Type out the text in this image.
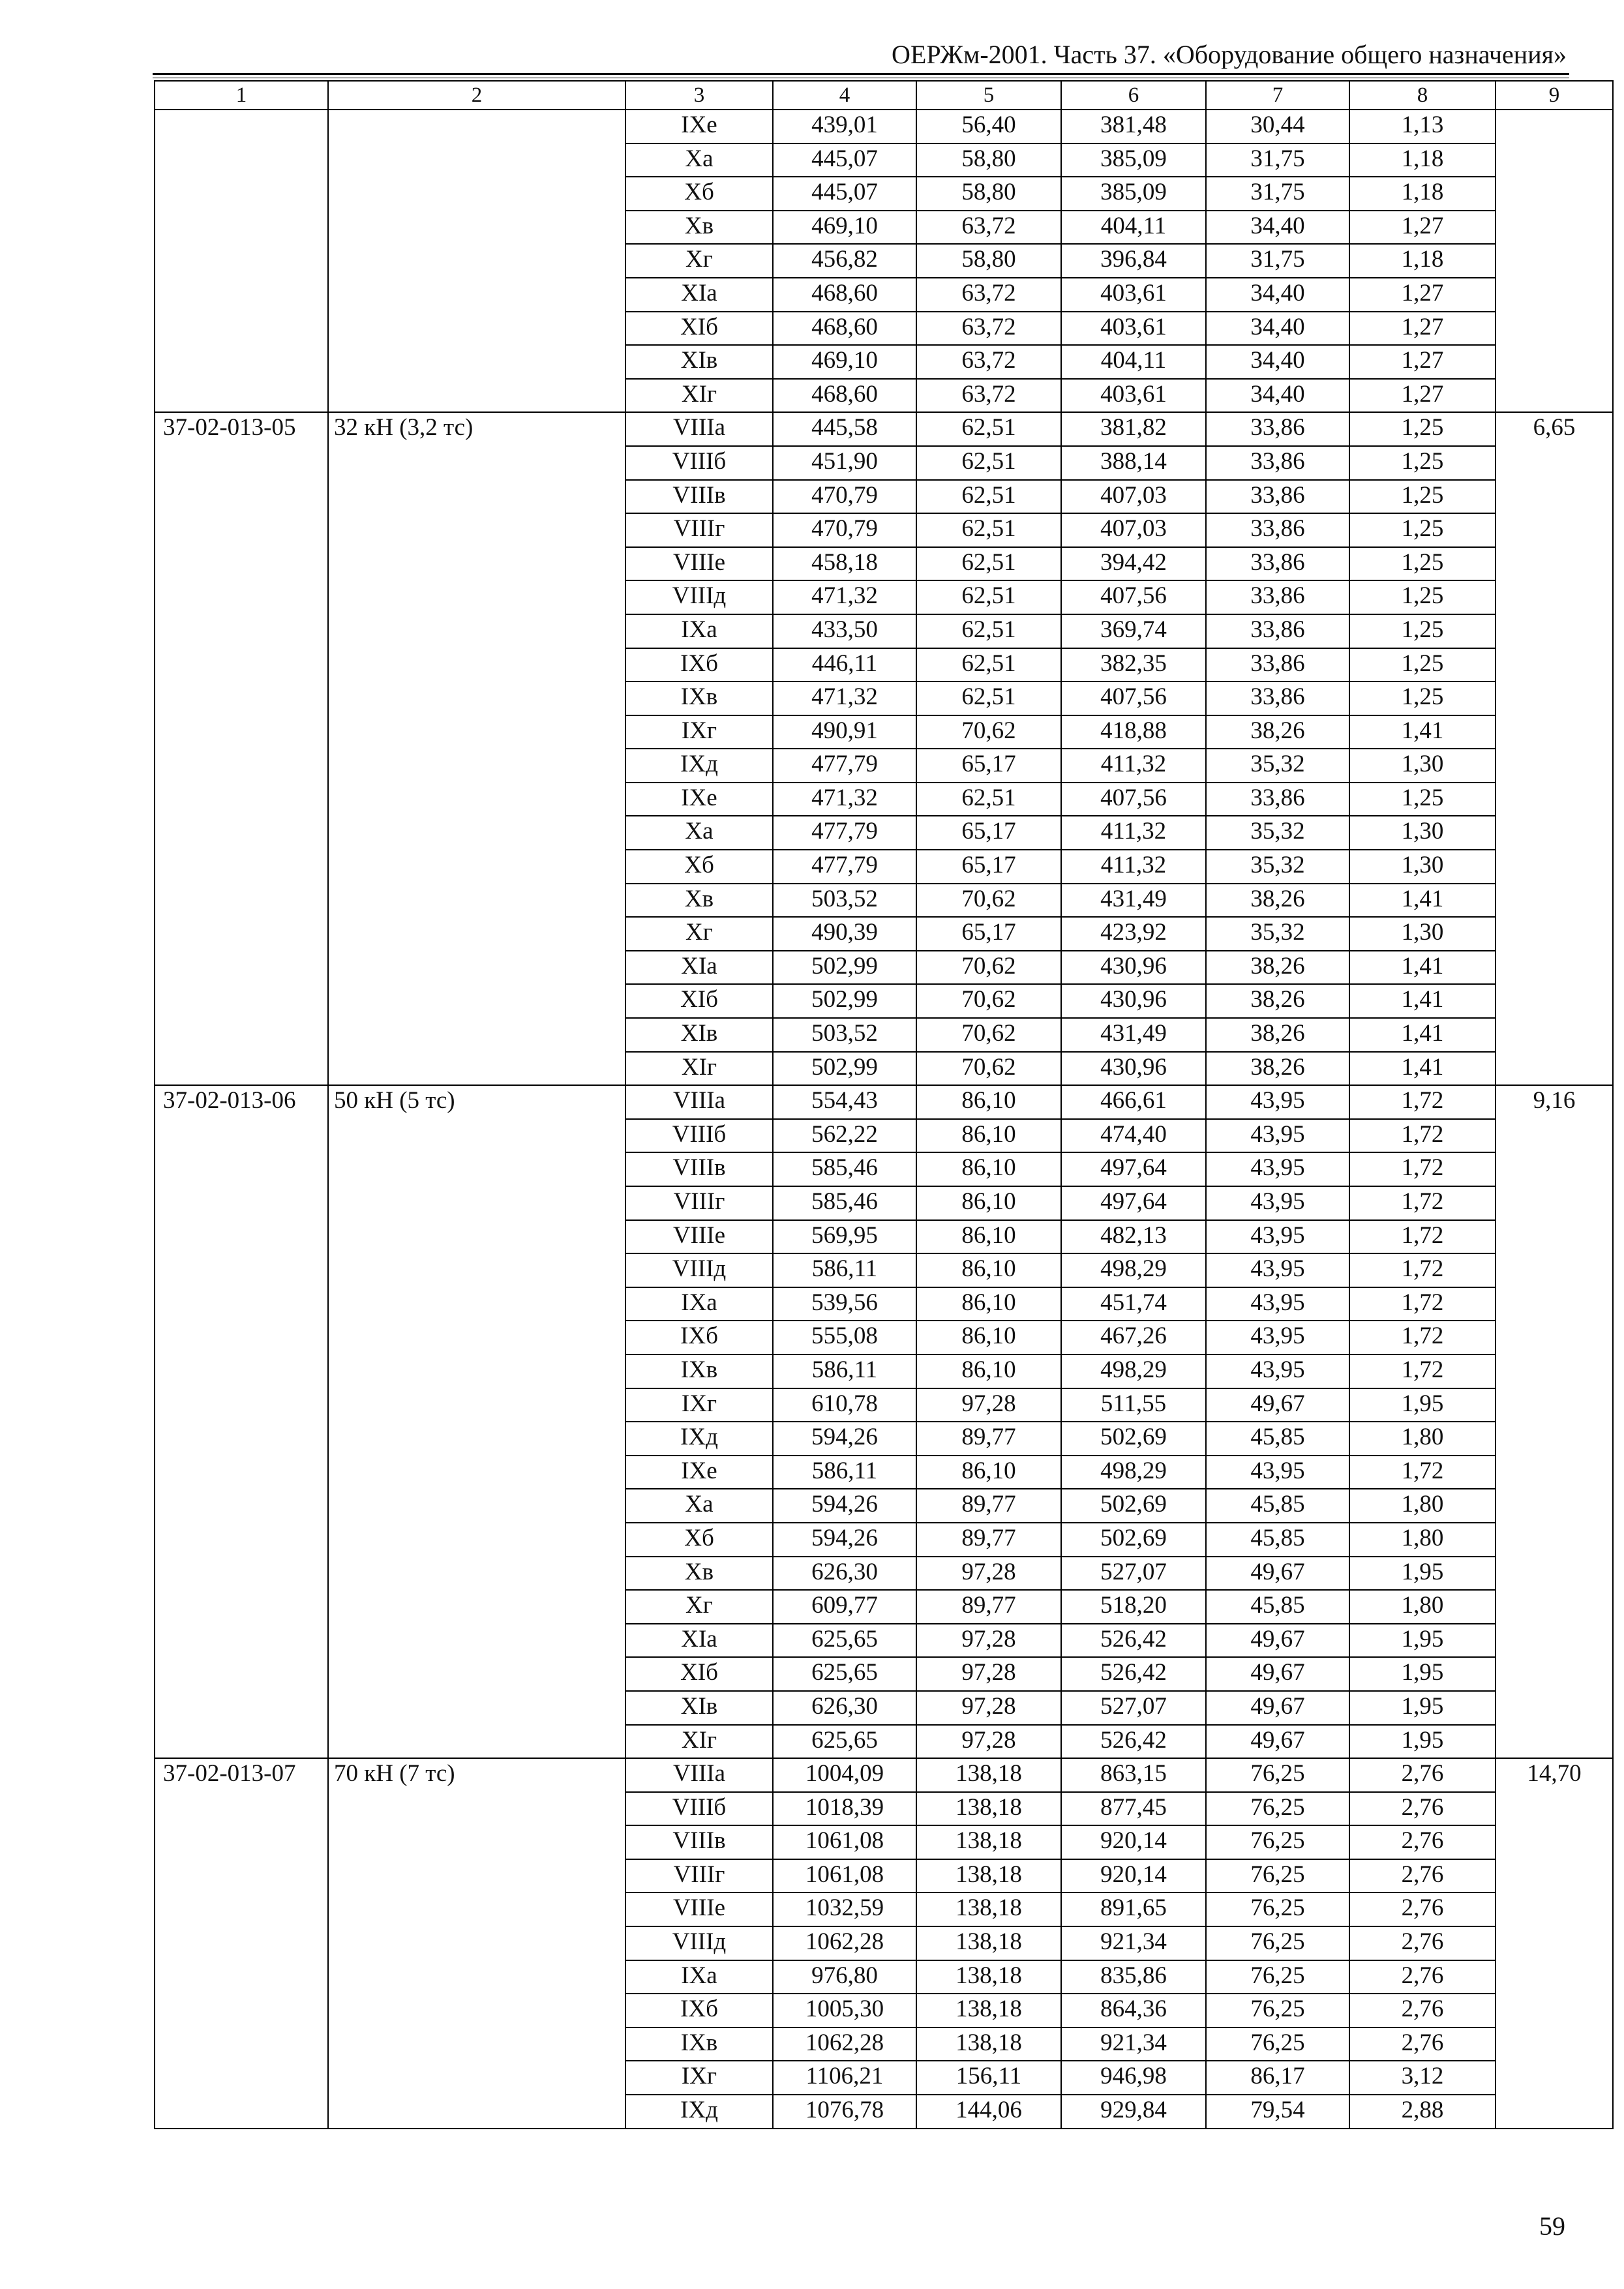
ОЕРЖм-2001. Часть 37. «Оборудование общего назначения»
1	2	3	4	5	6	7	8	9
		IXе	439,01	56,40	381,48	30,44	1,13	
		Xа	445,07	58,80	385,09	31,75	1,18	
		Xб	445,07	58,80	385,09	31,75	1,18	
		Xв	469,10	63,72	404,11	34,40	1,27	
		Xг	456,82	58,80	396,84	31,75	1,18	
		XIа	468,60	63,72	403,61	34,40	1,27	
		XIб	468,60	63,72	403,61	34,40	1,27	
		XIв	469,10	63,72	404,11	34,40	1,27	
		XIг	468,60	63,72	403,61	34,40	1,27	
37-02-013-05	32 кН (3,2 тс)	VIIIа	445,58	62,51	381,82	33,86	1,25	6,65
		VIIIб	451,90	62,51	388,14	33,86	1,25	
		VIIIв	470,79	62,51	407,03	33,86	1,25	
		VIIIг	470,79	62,51	407,03	33,86	1,25	
		VIIIе	458,18	62,51	394,42	33,86	1,25	
		VIIIд	471,32	62,51	407,56	33,86	1,25	
		IXа	433,50	62,51	369,74	33,86	1,25	
		IXб	446,11	62,51	382,35	33,86	1,25	
		IXв	471,32	62,51	407,56	33,86	1,25	
		IXг	490,91	70,62	418,88	38,26	1,41	
		IXд	477,79	65,17	411,32	35,32	1,30	
		IXе	471,32	62,51	407,56	33,86	1,25	
		Xа	477,79	65,17	411,32	35,32	1,30	
		Xб	477,79	65,17	411,32	35,32	1,30	
		Xв	503,52	70,62	431,49	38,26	1,41	
		Xг	490,39	65,17	423,92	35,32	1,30	
		XIа	502,99	70,62	430,96	38,26	1,41	
		XIб	502,99	70,62	430,96	38,26	1,41	
		XIв	503,52	70,62	431,49	38,26	1,41	
		XIг	502,99	70,62	430,96	38,26	1,41	
37-02-013-06	50 кН (5 тс)	VIIIа	554,43	86,10	466,61	43,95	1,72	9,16
		VIIIб	562,22	86,10	474,40	43,95	1,72	
		VIIIв	585,46	86,10	497,64	43,95	1,72	
		VIIIг	585,46	86,10	497,64	43,95	1,72	
		VIIIе	569,95	86,10	482,13	43,95	1,72	
		VIIIд	586,11	86,10	498,29	43,95	1,72	
		IXа	539,56	86,10	451,74	43,95	1,72	
		IXб	555,08	86,10	467,26	43,95	1,72	
		IXв	586,11	86,10	498,29	43,95	1,72	
		IXг	610,78	97,28	511,55	49,67	1,95	
		IXд	594,26	89,77	502,69	45,85	1,80	
		IXе	586,11	86,10	498,29	43,95	1,72	
		Xа	594,26	89,77	502,69	45,85	1,80	
		Xб	594,26	89,77	502,69	45,85	1,80	
		Xв	626,30	97,28	527,07	49,67	1,95	
		Xг	609,77	89,77	518,20	45,85	1,80	
		XIа	625,65	97,28	526,42	49,67	1,95	
		XIб	625,65	97,28	526,42	49,67	1,95	
		XIв	626,30	97,28	527,07	49,67	1,95	
		XIг	625,65	97,28	526,42	49,67	1,95	
37-02-013-07	70 кН (7 тс)	VIIIа	1004,09	138,18	863,15	76,25	2,76	14,70
		VIIIб	1018,39	138,18	877,45	76,25	2,76	
		VIIIв	1061,08	138,18	920,14	76,25	2,76	
		VIIIг	1061,08	138,18	920,14	76,25	2,76	
		VIIIе	1032,59	138,18	891,65	76,25	2,76	
		VIIIд	1062,28	138,18	921,34	76,25	2,76	
		IXа	976,80	138,18	835,86	76,25	2,76	
		IXб	1005,30	138,18	864,36	76,25	2,76	
		IXв	1062,28	138,18	921,34	76,25	2,76	
		IXг	1106,21	156,11	946,98	86,17	3,12	
		IXд	1076,78	144,06	929,84	79,54	2,88	
59
